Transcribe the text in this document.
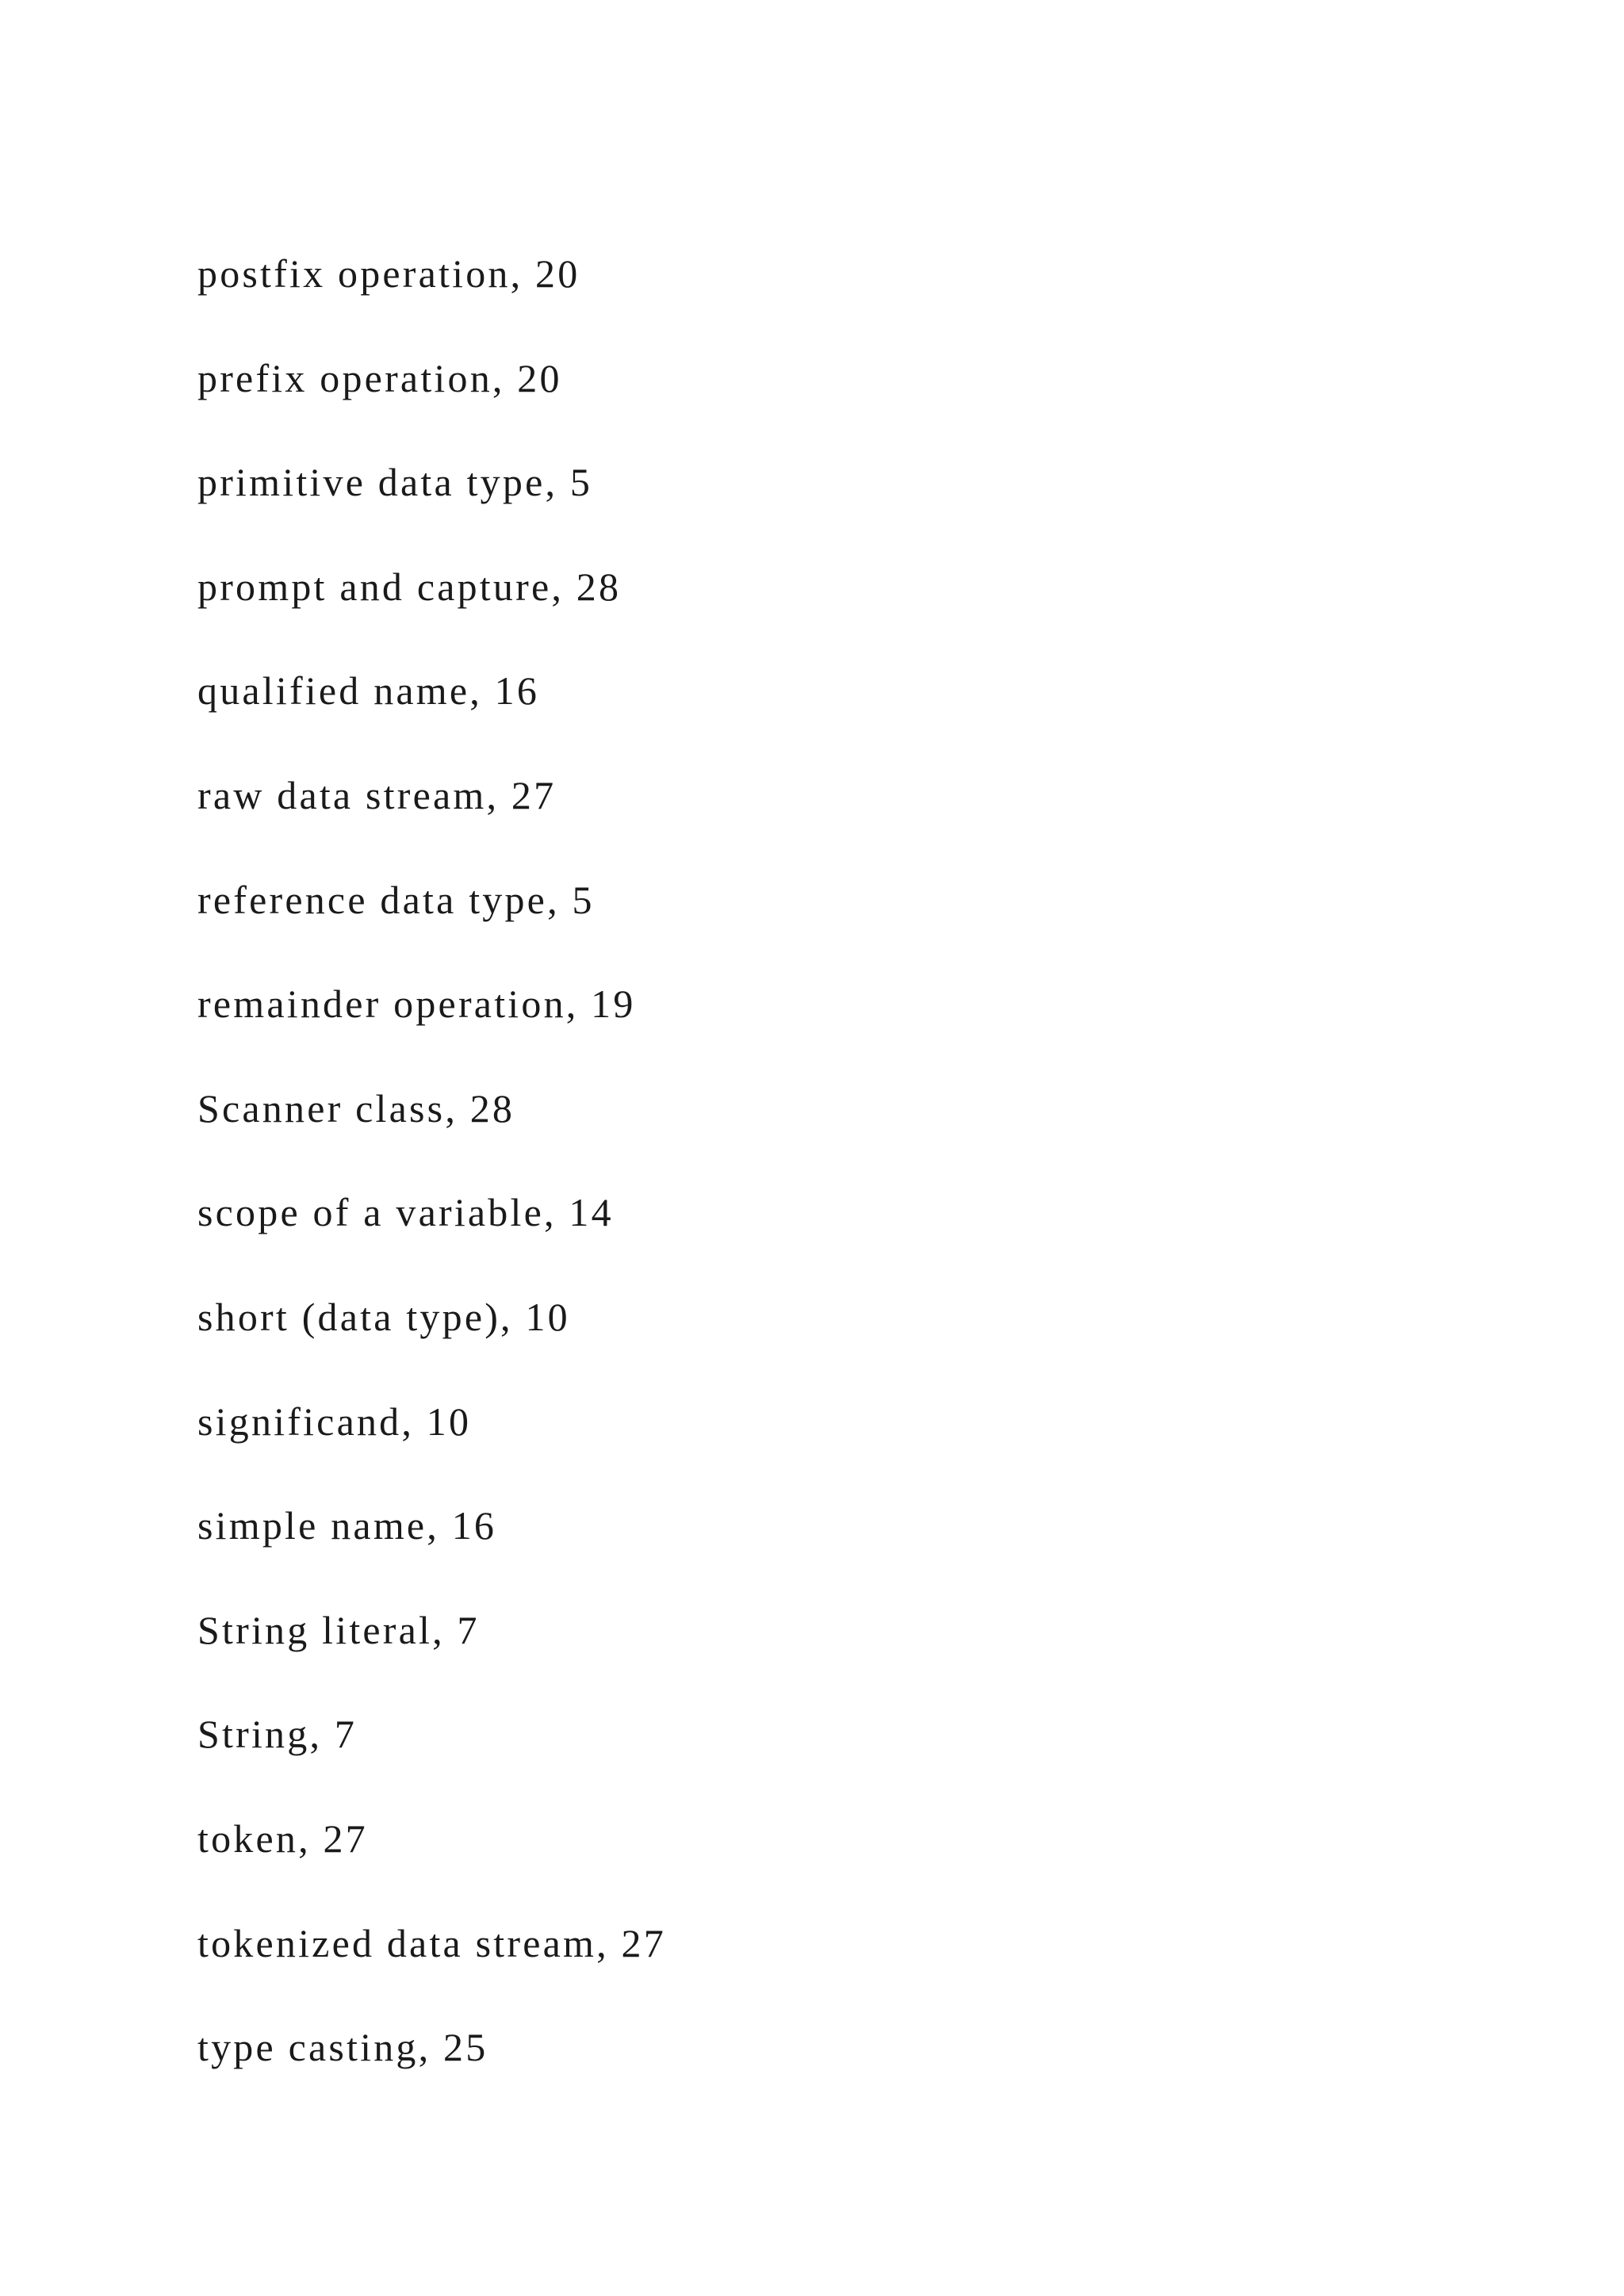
postfix operation, 20
prefix operation, 20
primitive data type, 5
prompt and capture, 28
qualified name, 16
raw data stream, 27
reference data type, 5
remainder operation, 19
Scanner class, 28
scope of a variable, 14
short (data type), 10
significand, 10
simple name, 16
String literal, 7
String, 7
token, 27
tokenized data stream, 27
type casting, 25
